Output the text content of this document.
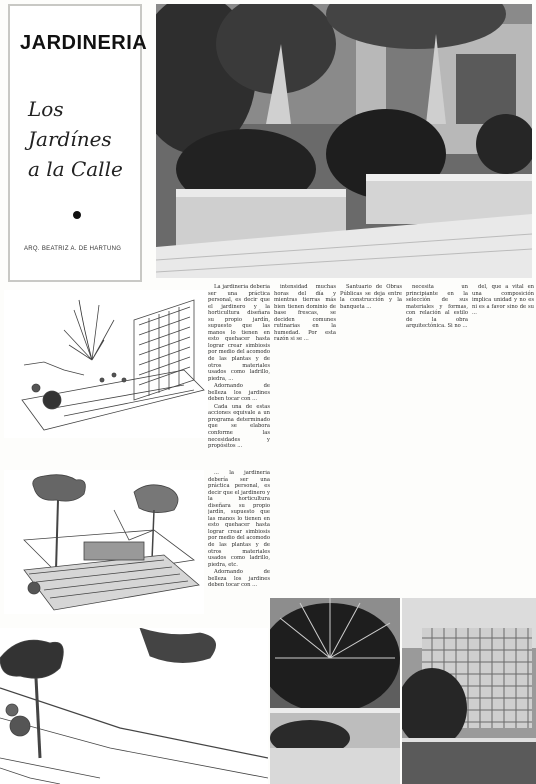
JARDINERIA
Los
Jardínes
a la Calle
ARQ. BEATRIZ A. DE HARTUNG

La jardinería debería ser una práctica personal, es decir que el jardinero y la horticultura diseñara su propio jardín, supuesto que las manos lo tienen en esto quehacer hasta lograr crear simbiosis por medio del acomodo de las plantas y de otros materiales usados como ladrillo, piedra, ...

Adornando de belleza los jardines deben tocar con ...

Cada una de estas acciones equivale a un programa determinado que se elabora conforme las necesidades y propósitos ...

... la jardinería debería ser una práctica personal, es decir que el jardinero y la horticultura diseñara su propio jardín, supuesto que las manos lo tienen en esto quehacer hasta lograr crear simbiosis por medio del acomodo de las plantas y de otros materiales usados como ladrillo, piedra, etc.

Adornando de belleza los jardines deben tocar con ...

intensidad muchas horas del día y mientras tierras más bien tienen dominio de base frescas, se deciden comunes rutinarias en la humedad. Por esta razón si se ...

Santuario de Obras Públicas se deja entre la construcción y la banqueta ...

necesita un principiante en la selección de sus materiales y formas, con relación al estilo de la obra arquitectónica. Si no ...

del, que a vital en una composición implica unidad y no es ni es a favor sino de su ...
